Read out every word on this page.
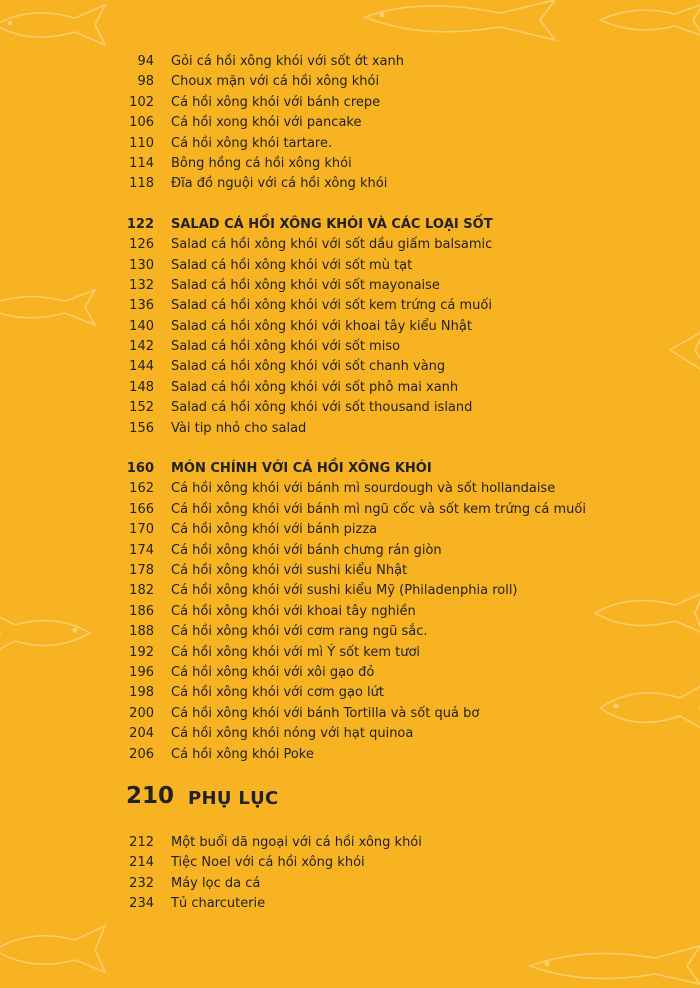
94 Gỏi cá hồi xông khói với sốt ớt xanh
98 Choux mặn với cá hồi xông khói
102 Cá hồi xông khói với bánh crepe
106 Cá hồi xong khói với pancake
110 Cá hồi xông khói tartare.
114 Bông hồng cá hồi xông khói
118 Đĩa đồ nguội với cá hồi xông khói
122 SALAD CÁ HỒI XÔNG KHÓI VÀ CÁC LOẠI SỐT
126 Salad cá hồi xông khói với sốt dầu giấm balsamic
130 Salad cá hồi xông khói với sốt mù tạt
132 Salad cá hồi xông khói với sốt mayonaise
136 Salad cá hồi xông khói với sốt kem trứng cá muối
140 Salad cá hồi xông khói với khoai tây kiểu Nhật
142 Salad cá hồi xông khói với sốt miso
144 Salad cá hồi xông khói với sốt chanh vàng
148 Salad cá hồi xông khói với sốt phô mai xanh
152 Salad cá hồi xông khói với sốt thousand island
156 Vài tip nhỏ cho salad
160 MÓN CHÍNH VỚI CÁ HỒI XÔNG KHÓI
162 Cá hồi xông khói với bánh mì sourdough và sốt hollandaise
166 Cá hồi xông khói với bánh mì ngũ cốc và sốt kem trứng cá muối
170 Cá hồi xông khói với bánh pizza
174 Cá hồi xông khói với bánh chưng rán giòn
178 Cá hồi xông khói với sushi kiểu Nhật
182 Cá hồi xông khói với sushi kiểu Mỹ (Philadenphia roll)
186 Cá hồi xông khói với khoai tây nghiền
188 Cá hồi xông khói với cơm rang ngũ sắc.
192 Cá hồi xông khói với mì Ý sốt kem tươi
196 Cá hồi xông khói với xôi gạo đỏ
198 Cá hồi xông khói với cơm gạo lứt
200 Cá hồi xông khói với bánh Tortilla và sốt quả bơ
204 Cá hồi xông khói nóng với hạt quinoa
206 Cá hồi xông khói Poke
210 PHỤ LỤC
212 Một buổi dã ngoại với cá hồi xông khói
214 Tiệc Noel với cá hồi xông khói
232 Máy lọc da cá
234 Tủ charcuterie
